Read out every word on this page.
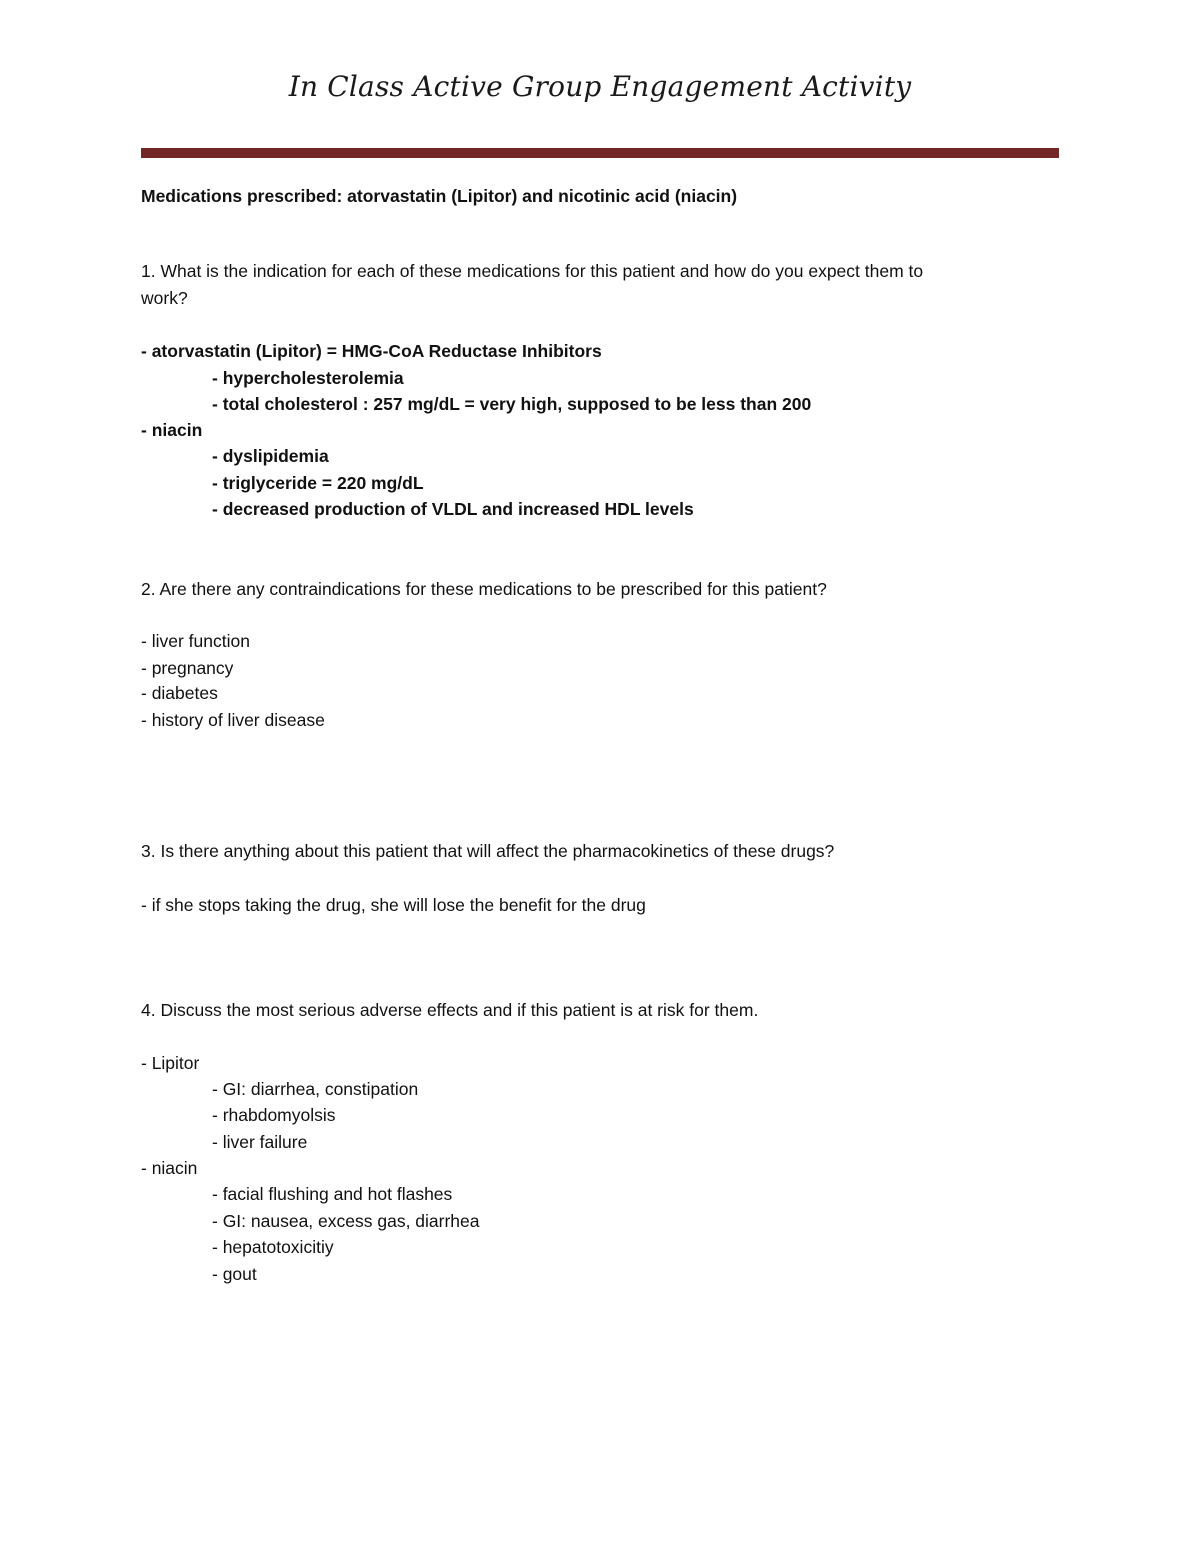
In Class Active Group Engagement Activity
Medications prescribed: atorvastatin (Lipitor) and nicotinic acid (niacin)
1. What is the indication for each of these medications for this patient and how do you expect them to
work?
- atorvastatin (Lipitor) = HMG-CoA Reductase Inhibitors
- hypercholesterolemia
- total cholesterol : 257 mg/dL = very high, supposed to be less than 200
- niacin
- dyslipidemia
- triglyceride = 220 mg/dL
- decreased production of VLDL and increased HDL levels
2. Are there any contraindications for these medications to be prescribed for this patient?
- liver function
- pregnancy
- diabetes
- history of liver disease
3. Is there anything about this patient that will affect the pharmacokinetics of these drugs?
- if she stops taking the drug, she will lose the benefit for the drug
4. Discuss the most serious adverse effects and if this patient is at risk for them.
- Lipitor
- GI: diarrhea, constipation
- rhabdomyolsis
- liver failure
- niacin
- facial flushing and hot flashes
- GI: nausea, excess gas, diarrhea
- hepatotoxicitiy
- gout
